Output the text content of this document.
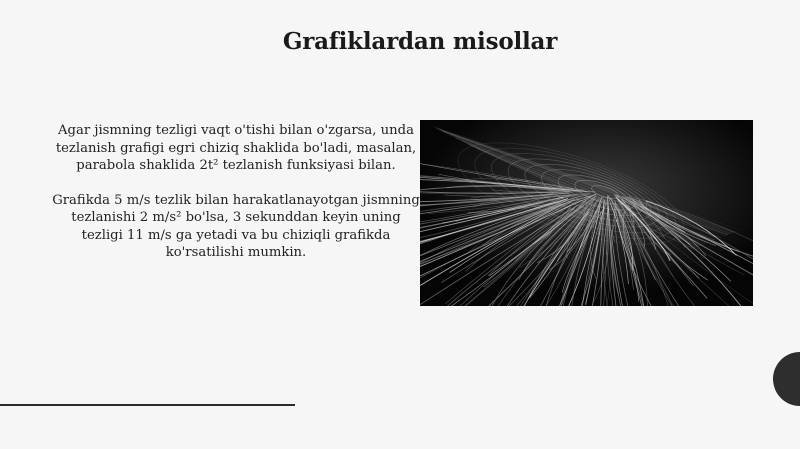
Grafiklardan misollar

Agar jismning tezligi vaqt o'tishi bilan o'zgarsa, unda tezlanish grafigi egri chiziq shaklida bo'ladi, masalan, parabola shaklida 2t² tezlanish funksiyasi bilan.

Grafikda 5 m/s tezlik bilan harakatlanayotgan jismning tezlanishi 2 m/s² bo'lsa, 3 sekunddan keyin uning tezligi 11 m/s ga yetadi va bu chiziqli grafikda ko'rsatilishi mumkin.
